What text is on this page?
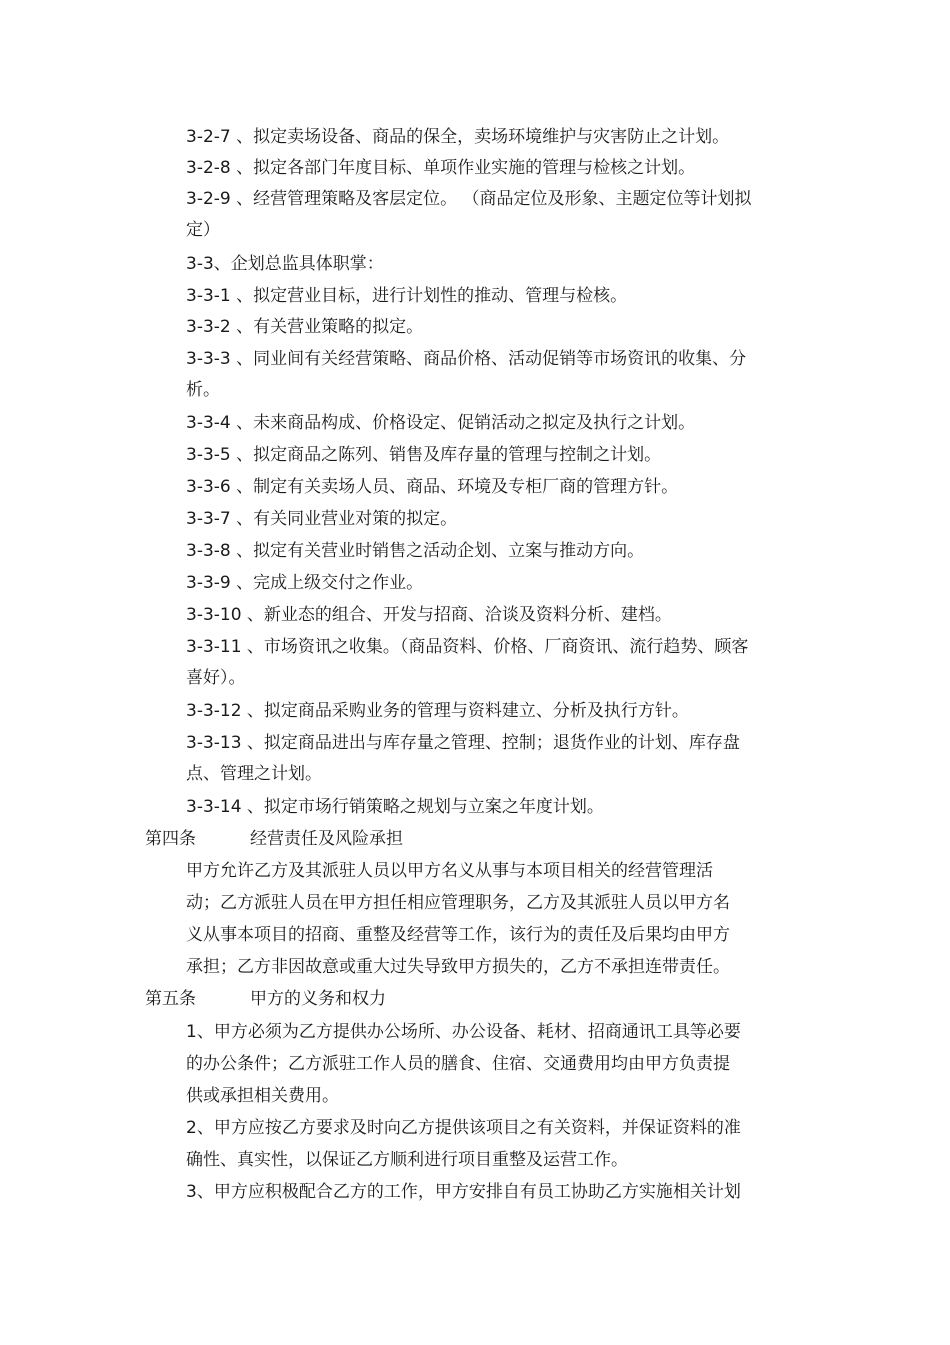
3-2-7 、拟定卖场设备、商品的保全，卖场环境维护与灾害防止之计划。
3-2-8 、拟定各部门年度目标、单项作业实施的管理与检核之计划。
3-2-9 、经营管理策略及客层定位。 （商品定位及形象、主题定位等计划拟
定）
3-3、企划总监具体职掌：
3-3-1 、拟定营业目标，进行计划性的推动、管理与检核。
3-3-2 、有关营业策略的拟定。
3-3-3 、同业间有关经营策略、商品价格、活动促销等市场资讯的收集、分
析。
3-3-4 、未来商品构成、价格设定、促销活动之拟定及执行之计划。
3-3-5 、拟定商品之陈列、销售及库存量的管理与控制之计划。
3-3-6 、制定有关卖场人员、商品、环境及专柜厂商的管理方针。
3-3-7 、有关同业营业对策的拟定。
3-3-8 、拟定有关营业时销售之活动企划、立案与推动方向。
3-3-9 、完成上级交付之作业。
3-3-10 、新业态的组合、开发与招商、洽谈及资料分析、建档。
3-3-11 、市场资讯之收集。（商品资料、价格、厂商资讯、流行趋势、顾客
喜好）。
3-3-12 、拟定商品采购业务的管理与资料建立、分析及执行方针。
3-3-13 、拟定商品进出与库存量之管理、控制；退货作业的计划、库存盘
点、管理之计划。
3-3-14 、拟定市场行销策略之规划与立案之年度计划。
第四条	经营责任及风险承担
甲方允许乙方及其派驻人员以甲方名义从事与本项目相关的经营管理活
动；乙方派驻人员在甲方担任相应管理职务，乙方及其派驻人员以甲方名
义从事本项目的招商、重整及经营等工作，该行为的责任及后果均由甲方
承担；乙方非因故意或重大过失导致甲方损失的，乙方不承担连带责任。
第五条	甲方的义务和权力
1、甲方必须为乙方提供办公场所、办公设备、耗材、招商通讯工具等必要
的办公条件；乙方派驻工作人员的膳食、住宿、交通费用均由甲方负责提
供或承担相关费用。
2、甲方应按乙方要求及时向乙方提供该项目之有关资料，并保证资料的准
确性、真实性，以保证乙方顺利进行项目重整及运营工作。
3、甲方应积极配合乙方的工作，甲方安排自有员工协助乙方实施相关计划
